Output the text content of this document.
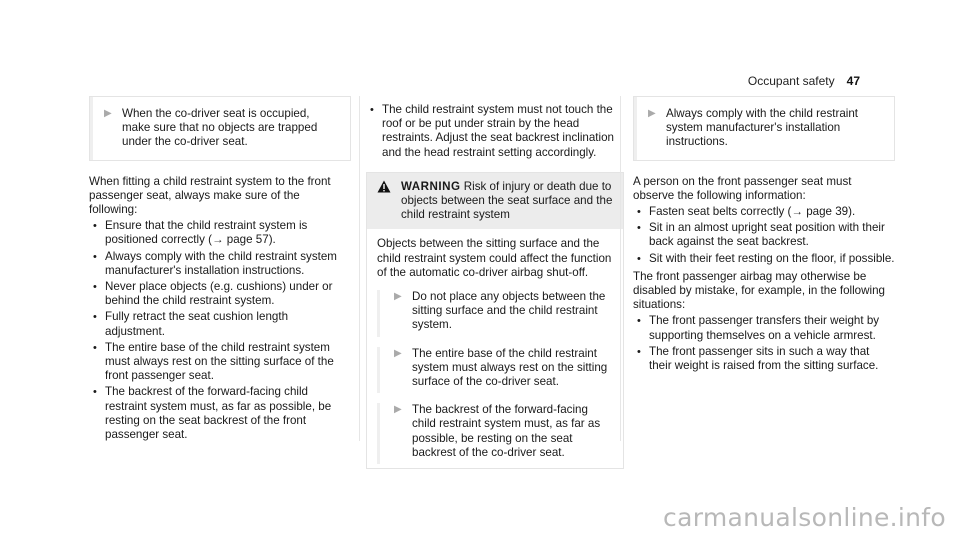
Occupant safety 47
▶ When the co-driver seat is occupied, make sure that no objects are trapped under the co-driver seat.

When fitting a child restraint system to the front passenger seat, always make sure of the following:

• Ensure that the child restraint system is positioned correctly (→ page 57).
• Always comply with the child restraint system manufacturer's installation instructions.
• Never place objects (e.g. cushions) under or behind the child restraint system.
• Fully retract the seat cushion length adjustment.
• The entire base of the child restraint system must always rest on the sitting surface of the front passenger seat.
• The backrest of the forward-facing child restraint system must, as far as possible, be resting on the seat backrest of the front passenger seat.
• The child restraint system must not touch the roof or be put under strain by the head restraints. Adjust the seat backrest inclination and the head restraint setting accordingly.
WARNING Risk of injury or death due to objects between the seat surface and the child restraint system

Objects between the sitting surface and the child restraint system could affect the function of the automatic co-driver airbag shut-off.

▶ Do not place any objects between the sitting surface and the child restraint system.
▶ The entire base of the child restraint system must always rest on the sitting surface of the co-driver seat.
▶ The backrest of the forward-facing child restraint system must, as far as possible, be resting on the seat backrest of the co-driver seat.
▶ Always comply with the child restraint system manufacturer's installation instructions.

A person on the front passenger seat must observe the following information:

• Fasten seat belts correctly (→ page 39).
• Sit in an almost upright seat position with their back against the seat backrest.
• Sit with their feet resting on the floor, if possible.

The front passenger airbag may otherwise be disabled by mistake, for example, in the following situations:

• The front passenger transfers their weight by supporting themselves on a vehicle armrest.
• The front passenger sits in such a way that their weight is raised from the sitting surface.
carmanualsonline.info
